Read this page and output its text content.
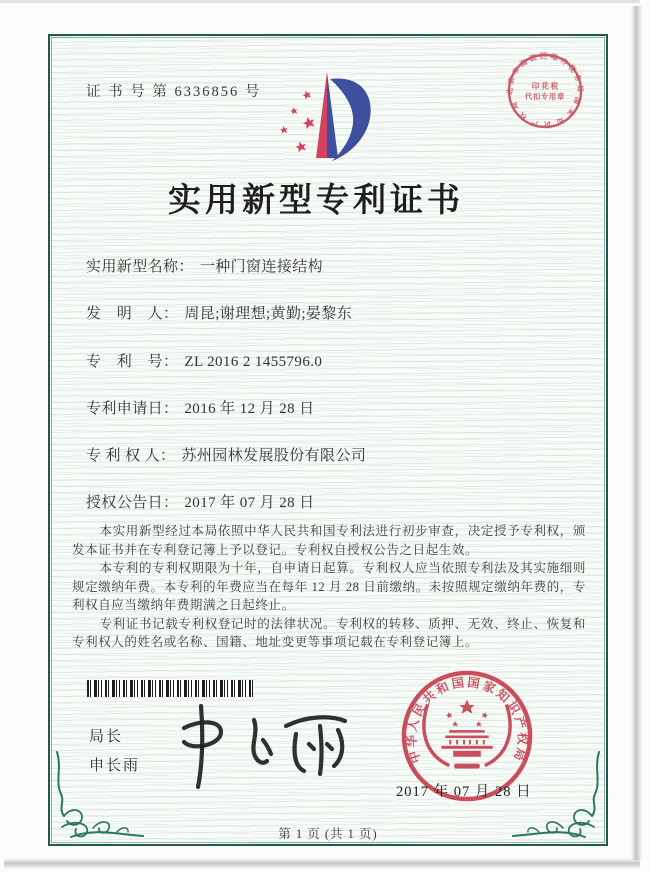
证 书 号 第 6336856 号	北京市海淀区地方税务局
国家知识产权局
印 花 税
代扣专用章
实用新型专利证书
实用新型名称： 一种门窗连接结构
发　明　人： 周昆;谢理想;黄勤;晏黎东
专　利　号： ZL 2016 2 1455796.0
专利申请日： 2016 年 12 月 28 日
专 利 权 人： 苏州园林发展股份有限公司
授权公告日： 2017 年 07 月 28 日

本实用新型经过本局依照中华人民共和国专利法进行初步审查，决定授予专利权，颁发本证书并在专利登记簿上予以登记。专利权自授权公告之日起生效。

本专利的专利权期限为十年，自申请日起算。专利权人应当依照专利法及其实施细则规定缴纳年费。本专利的年费应当在每年 12 月 28 日前缴纳。未按照规定缴纳年费的，专利权自应当缴纳年费期满之日起终止。

专利证书记载专利权登记时的法律状况。专利权的转移、质押、无效、终止、恢复和专利权人的姓名或名称、国籍、地址变更等事项记载在专利登记簿上。

局长
申长雨
中华人民共和国国家知识产权局
2017 年 07 月 28 日
第 1 页 (共 1 页)
